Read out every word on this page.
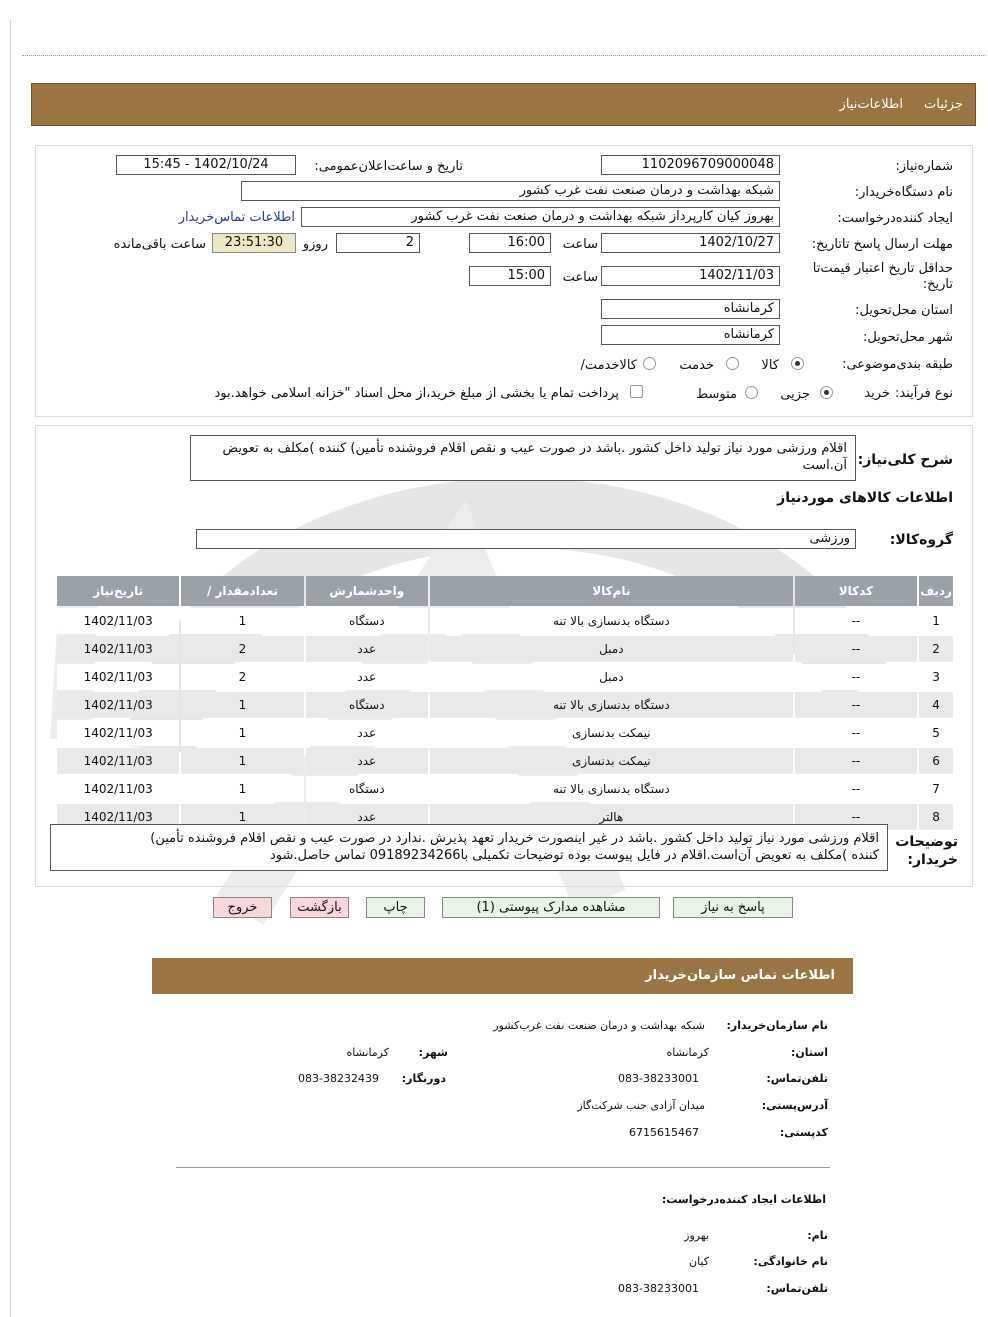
جزئیات
اطلاعات‌نیاز
شماره‌نیاز:
1102096709000048
تاریخ و ساعت‌اعلان‌عمومی:
1402/10/24 - 15:45
نام دستگاه‌خریدار:
شبکه بهداشت و درمان صنعت نفت غرب کشور
ایجاد کننده‌درخواست:
بهروز کیان کارپرداز شبکه بهداشت و درمان صنعت نفت غرب کشور
اطلاعات تماس‌خریدار
مهلت ارسال پاسخ تا‌تاریخ:
1402/10/27
ساعت
16:00
2
روزو
23:51:30
ساعت باقی‌مانده
حداقل تاریخ اعتبار قیمت‌تا تاریخ:
1402/11/03
ساعت
15:00
استان محل‌تحویل:
کرمانشاه
شهر محل‌تحویل:
کرمانشاه
طبقه بندی‌موضوعی:
کالا
خدمت
کالا‌خدمت/
نوع فرآیند:
خرید
جزیی
متوسط
پرداخت تمام یا بخشی از مبلغ خرید،از محل اسناد "خزانه اسلامی خواهد.بود
شرح کلی‌نیاز:
اقلام ورزشی مورد نیاز تولید داخل کشور .باشد در صورت عیب و نقص اقلام فروشنده تأمین) کننده )مکلف به تعویض آن.است
اطلاعات کالاهای موردنیاز
گروه‌کالا:
ورزشی
ردیف	کدکالا	نام‌کالا	واحدشمارش	تعدادمقدار /	تاریخ‌نیاز
1	--	دستگاه بدنسازی بالا تنه	دستگاه	1	1402/11/03
2	--	دمبل	عدد	2	1402/11/03
3	--	دمبل	عدد	2	1402/11/03
4	--	دستگاه بدنسازی بالا تنه	دستگاه	1	1402/11/03
5	--	نیمکت بدنسازی	عدد	1	1402/11/03
6	--	نیمکت بدنسازی	عدد	1	1402/11/03
7	--	دستگاه بدنسازی بالا تنه	دستگاه	1	1402/11/03
8	--	هالتر	عدد	1	1402/11/03
توضیحات خریدار:
اقلام ورزشی مورد نیاز تولید داخل کشور .باشد در غیر اینصورت خریدار تعهد پذیرش .ندارد در صورت عیب و نقص اقلام فروشنده تأمین)
کننده )مکلف به تعویض آن‌است.اقلام در فایل پیوست بوده توضیحات تکمیلی با09189234266 تماس حاصل.شود
پاسخ به نیاز
مشاهده مدارک پیوستی (1)
چاپ
بازگشت
خروج
اطلاعات تماس سازمان‌خریدار
نام سازمان‌خریدار:
شبکه بهداشت و درمان صنعت نفت غرب‌کشور
استان:
کرمانشاه
شهر:
کرمانشاه
تلفن‌تماس:
083-38233001
دورنگار:
083-38232439
آدرس‌پستی:
میدان آزادی جنب شرکت‌گاز
کد‌پستی:
6715615467
اطلاعات ایجاد کننده‌درخواست:
نام:
بهروز
نام خانوادگی:
کیان
تلفن‌تماس:
083-38233001
